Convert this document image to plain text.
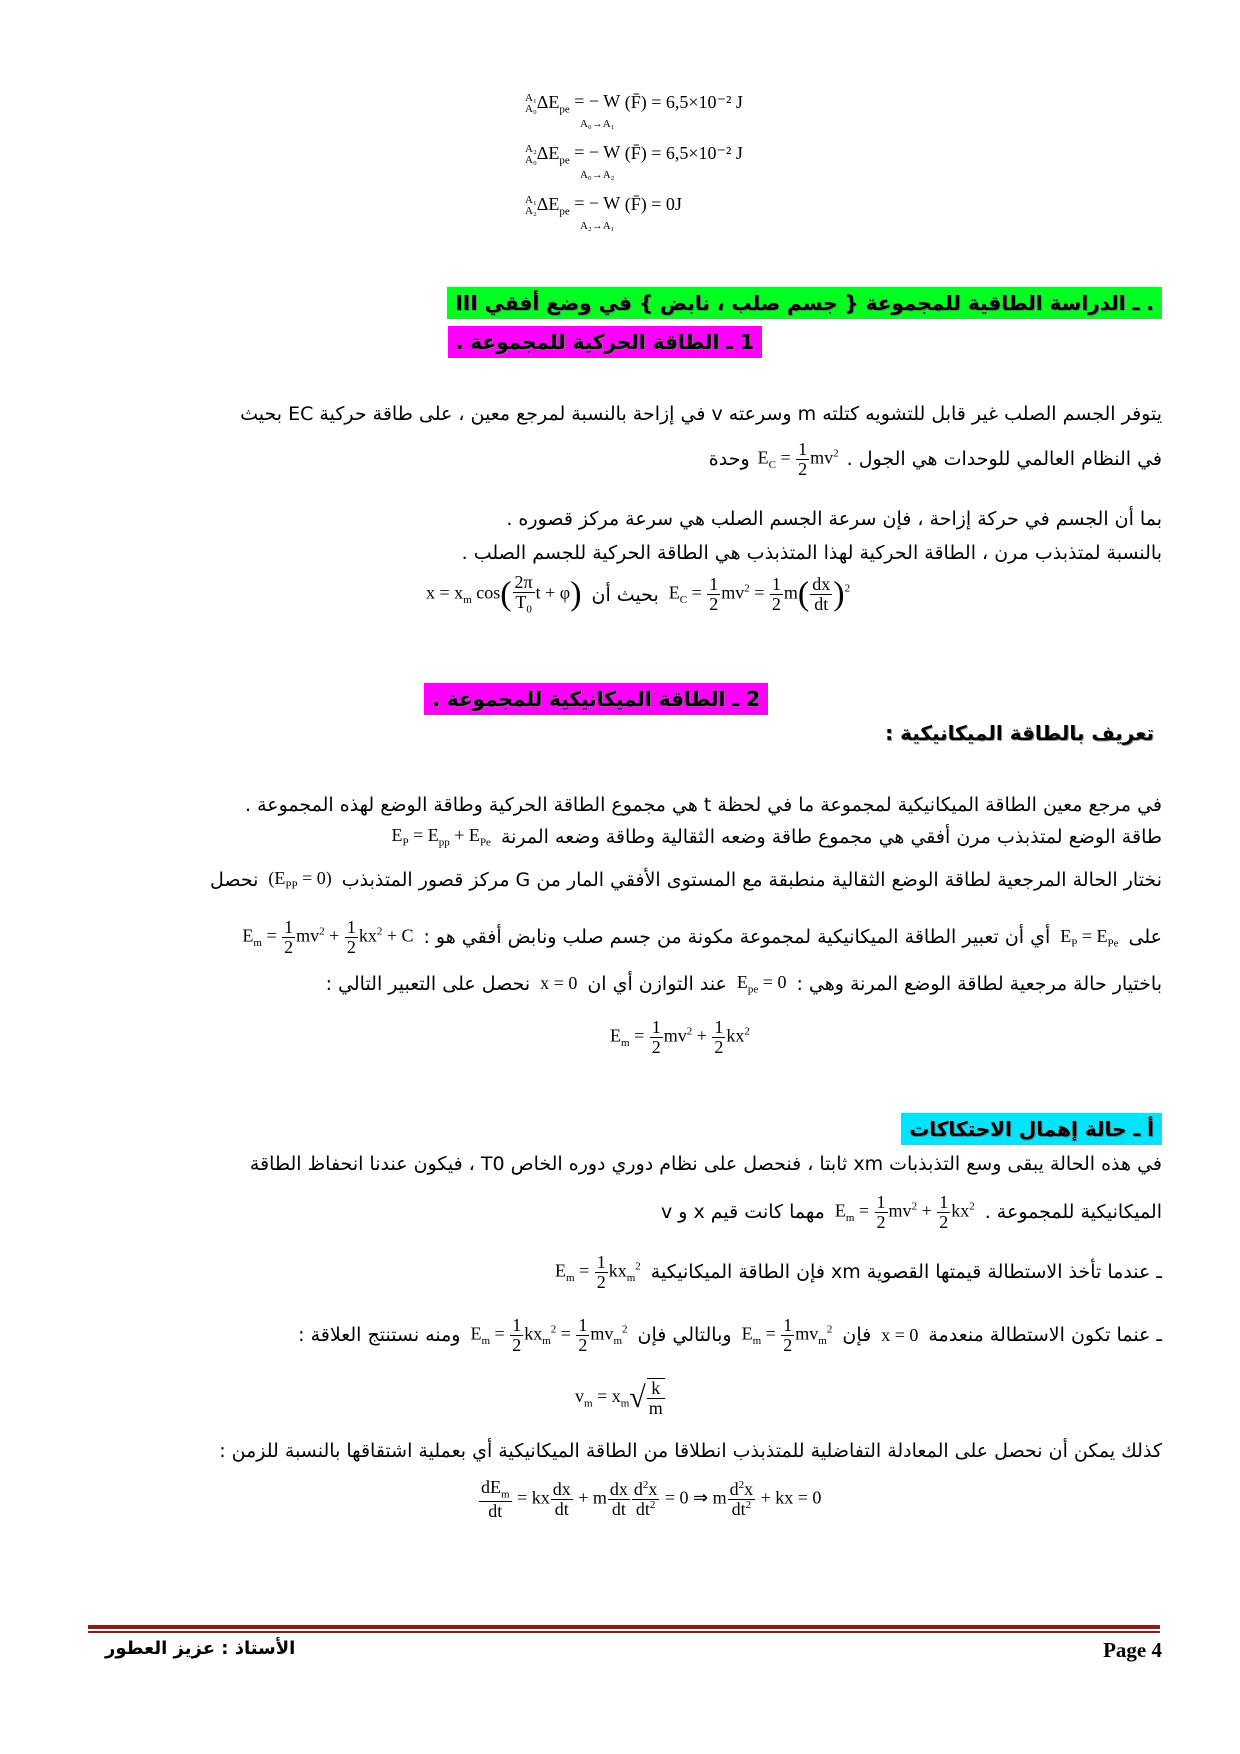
A₁
$A_0\Delta E_{pe}$ = − W
A₀→A₁ (F̄) = 6,5×10⁻² J
A₂
$A_0\Delta E_{pe}$ = − W
A₀→A₂ (F̄) = 6,5×10⁻² J
A₁
$A_2\Delta E_{pe}$ = − W
A₂→A₁ (F̄) = 0J
III ـ الدراسة الطاقية للمجموعة { جسم صلب ، نابض } في وضع أفقي .
1 ـ الطاقة الحركية للمجموعة .
يتوفر الجسم الصلب غير قابل للتشويه كتلته m وسرعته v في إزاحة بالنسبة لمرجع معين ، على طاقة حركية EC بحيث
وحدة $E_C = \frac{1}{2} mv^2$ في النظام العالمي للوحدات هي الجول .
بما أن الجسم في حركة إزاحة ، فإن سرعة الجسم الصلب هي سرعة مركز قصوره .
بالنسبة لمتذبذب مرن ، الطاقة الحركية لهذا المتذبذب هي الطاقة الحركية للجسم الصلب .
$x = x_m$ $\cos( \frac{2\pi}{T_0}$ t + φ) بحيث أن $E_C = \frac{1}{2} mv^2 = \frac{1}{2} m( \frac{dx}{dt} )^2$
2 ـ الطاقة الميكانيكية للمجموعة .
تعريف بالطاقة الميكانيكية :
في مرجع معين الطاقة الميكانيكية لمجموعة ما في لحظة t هي مجموع الطاقة الحركية وطاقة الوضع لهذه المجموعة .
طاقة الوضع لمتذبذب مرن أفقي هي مجموع طاقة وضعه الثقالية وطاقة وضعه المرنة
$E_P = E_{pp} + E_{Pe}$
نختار الحالة المرجعية لطاقة الوضع الثقالية منطبقة مع المستوى الأفقي المار من G مركز قصور المتذبذب
$(E_{PP} = 0)$
نحصل
على
$E_P = E_{Pe}$
أي أن تعبير الطاقة الميكانيكية لمجموعة مكونة من جسم صلب ونابض أفقي هو :
$E_m = \frac{1}{2} mv^2 + \frac{1}{2} kx^2 + C$
باختيار حالة مرجعية لطاقة الوضع المرنة وهي :
$E_{pe} = 0$
عند التوازن أي ان
x = 0
نحصل على التعبير التالي :
$E_m = \frac{1}{2} mv^2 + \frac{1}{2} kx^2$
أ ـ حالة إهمال الاحتكاكات
في هذه الحالة يبقى وسع التذبذبات xm ثابتا ، فنحصل على نظام دوري دوره الخاص T0 ، فيكون عندنا انحفاظ الطاقة
الميكانيكية للمجموعة .
$E_m = \frac{1}{2} mv^2 + \frac{1}{2} kx^2$
مهما كانت قيم x و v
ـ عندما تأخذ الاستطالة قيمتها القصوية xm فإن الطاقة الميكانيكية
$E_m = \frac{1}{2} kx_m^2$
ـ عنما تكون الاستطالة منعدمة
x = 0
فإن
$E_m = \frac{1}{2} mv_m^2$
وبالتالي فإن
$E_m = \frac{1}{2} kx_m^2 = \frac{1}{2} mv_m^2$
ومنه نستنتج العلاقة :
$v_m = x_m√ \frac{k}{m}$
كذلك يمكن أن نحصل على المعادلة التفاضلية للمتذبذب انطلاقا من الطاقة الميكانيكية أي بعملية اشتقاقها بالنسبة للزمن :
$\frac{dE_m}{dt}$ = kx $\frac{dx}{dt} + m \frac{dx}{dt} \frac{d^2x}{dt^2} = 0$ ⇒ m $\frac{d^2x}{dt^2}$ + kx = 0
Page 4
الأستاذ : عزيز العطور
